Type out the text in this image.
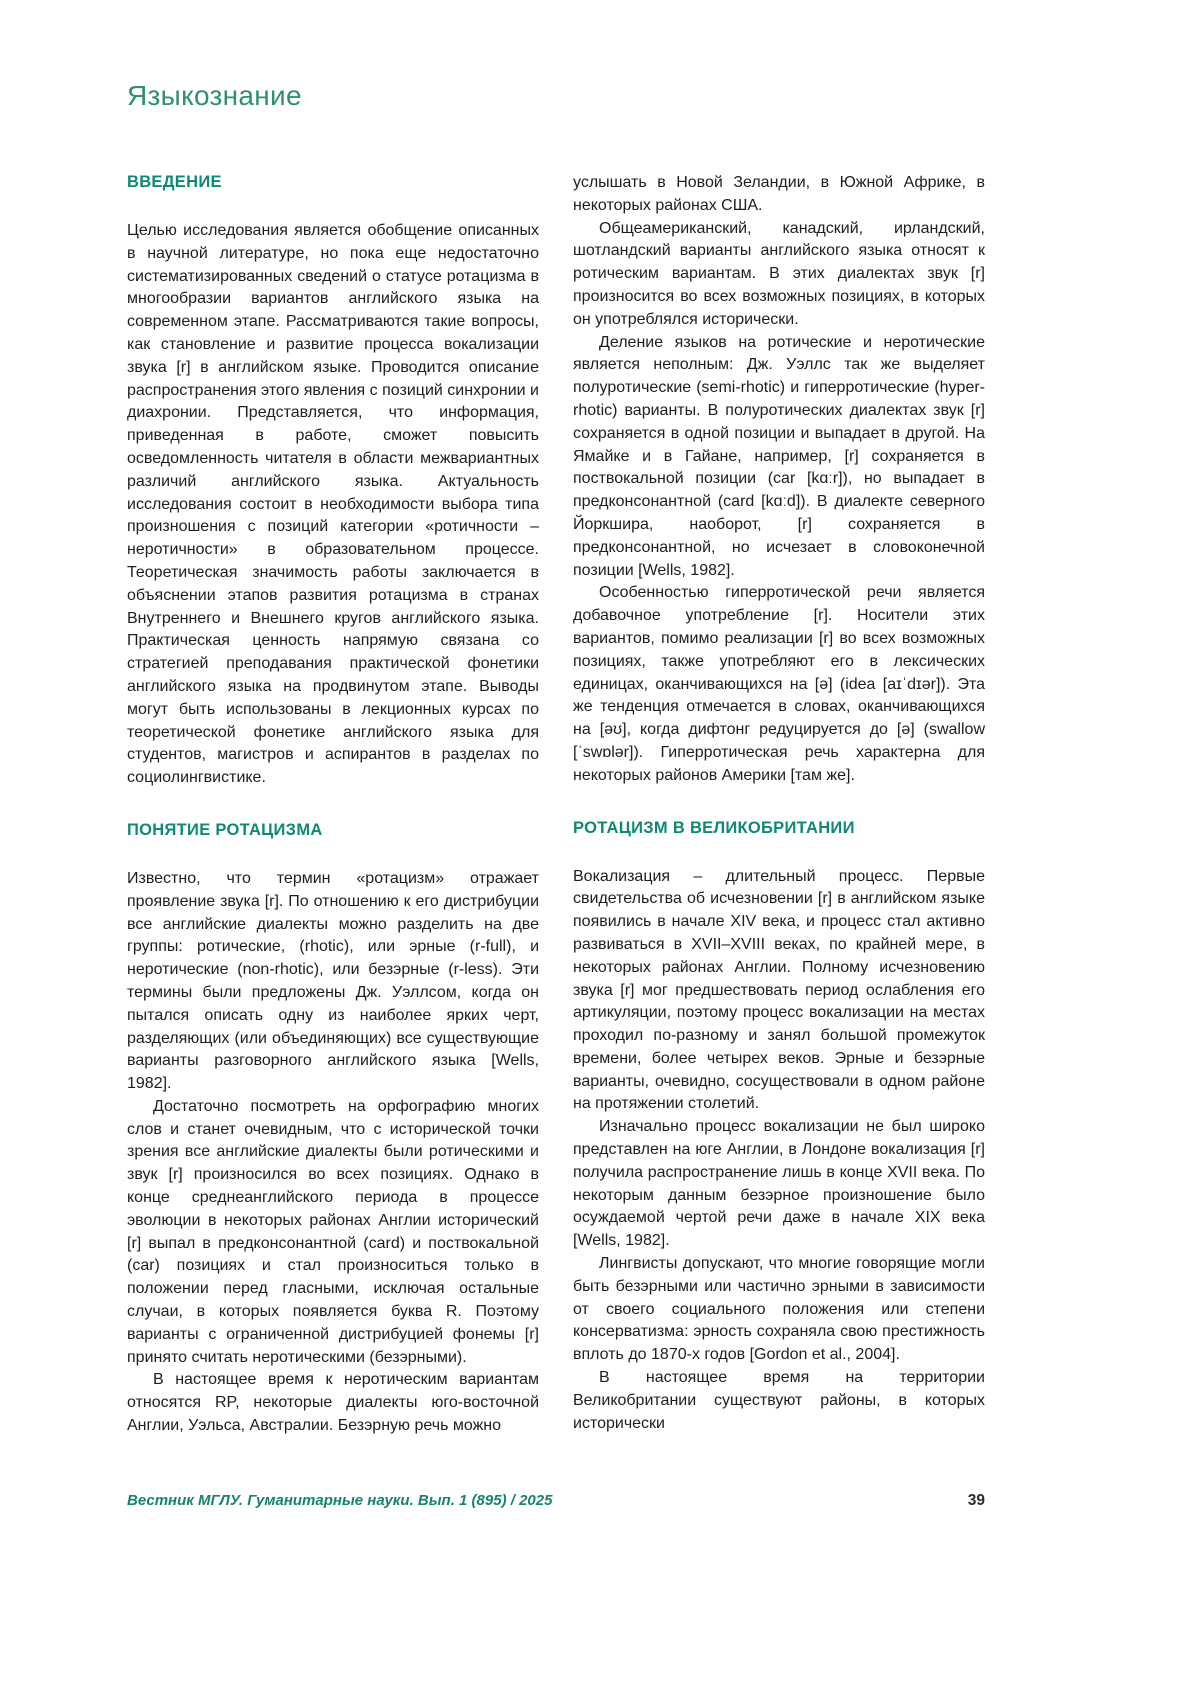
Языкознание
ВВЕДЕНИЕ

Целью исследования является обобщение описанных в научной литературе, но пока еще недостаточно систематизированных сведений о статусе ротацизма в многообразии вариантов английского языка на современном этапе. Рассматриваются такие вопросы, как становление и развитие процесса вокализации звука [r] в английском языке. Проводится описание распространения этого явления с позиций синхронии и диахронии. Представляется, что информация, приведенная в работе, сможет повысить осведомленность читателя в области межвариантных различий английского языка. Актуальность исследования состоит в необходимости выбора типа произношения с позиций категории «ротичности – неротичности» в образовательном процессе. Теоретическая значимость работы заключается в объяснении этапов развития ротацизма в странах Внутреннего и Внешнего кругов английского языка. Практическая ценность напрямую связана со стратегией преподавания практической фонетики английского языка на продвинутом этапе. Выводы могут быть использованы в лекционных курсах по теоретической фонетике английского языка для студентов, магистров и аспирантов в разделах по социолингвистике.

ПОНЯТИЕ РОТАЦИЗМА

Известно, что термин «ротацизм» отражает проявление звука [r]. По отношению к его дистрибуции все английские диалекты можно разделить на две группы: ротические, (rhotic), или эрные (r-full), и неротические (non-rhotic), или безэрные (r-less). Эти термины были предложены Дж. Уэллсом, когда он пытался описать одну из наиболее ярких черт, разделяющих (или объединяющих) все существующие варианты разговорного английского языка [Wells, 1982].

Достаточно посмотреть на орфографию многих слов и станет очевидным, что с исторической точки зрения все английские диалекты были ротическими и звук [r] произносился во всех позициях. Однако в конце среднеанглийского периода в процессе эволюции в некоторых районах Англии исторический [r] выпал в предконсонантной (card) и поствокальной (car) позициях и стал произноситься только в положении перед гласными, исключая остальные случаи, в которых появляется буква R. Поэтому варианты с ограниченной дистрибуцией фонемы [r] принято считать неротическими (безэрными).

В настоящее время к неротическим вариантам относятся RP, некоторые диалекты юго-восточной Англии, Уэльса, Австралии. Безэрную речь можно

услышать в Новой Зеландии, в Южной Африке, в некоторых районах США.

Общеамериканский, канадский, ирландский, шотландский варианты английского языка относят к ротическим вариантам. В этих диалектах звук [r] произносится во всех возможных позициях, в которых он употреблялся исторически.

Деление языков на ротические и неротические является неполным: Дж. Уэллс так же выделяет полуротические (semi-rhotic) и гиперротические (hyper-rhotic) варианты. В полуротических диалектах звук [r] сохраняется в одной позиции и выпадает в другой. На Ямайке и в Гайане, например, [r] сохраняется в поствокальной позиции (car [kɑːr]), но выпадает в предконсонантной (card [kɑːd]). В диалекте северного Йоркшира, наоборот, [r] сохраняется в предконсонантной, но исчезает в словоконечной позиции [Wells, 1982].

Особенностью гиперротической речи является добавочное употребление [r]. Носители этих вариантов, помимо реализации [r] во всех возможных позициях, также употребляют его в лексических единицах, оканчивающихся на [ə] (idea [aɪˈdɪər]). Эта же тенденция отмечается в словах, оканчивающихся на [əʊ], когда дифтонг редуцируется до [ə] (swallow [ˈswɒlər]). Гиперротическая речь характерна для некоторых районов Америки [там же].

РОТАЦИЗМ В ВЕЛИКОБРИТАНИИ

Вокализация – длительный процесс. Первые свидетельства об исчезновении [r] в английском языке появились в начале XIV века, и процесс стал активно развиваться в XVII–XVIII веках, по крайней мере, в некоторых районах Англии. Полному исчезновению звука [r] мог предшествовать период ослабления его артикуляции, поэтому процесс вокализации на местах проходил по-разному и занял большой промежуток времени, более четырех веков. Эрные и безэрные варианты, очевидно, сосуществовали в одном районе на протяжении столетий.

Изначально процесс вокализации не был широко представлен на юге Англии, в Лондоне вокализация [r] получила распространение лишь в конце XVII века. По некоторым данным безэрное произношение было осуждаемой чертой речи даже в начале XIX века [Wells, 1982].

Лингвисты допускают, что многие говорящие могли быть безэрными или частично эрными в зависимости от своего социального положения или степени консерватизма: эрность сохраняла свою престижность вплоть до 1870-х годов [Gordon et al., 2004].

В настоящее время на территории Великобритании существуют районы, в которых исторически

Вестник МГЛУ. Гуманитарные науки. Вып. 1 (895) / 2025	39
